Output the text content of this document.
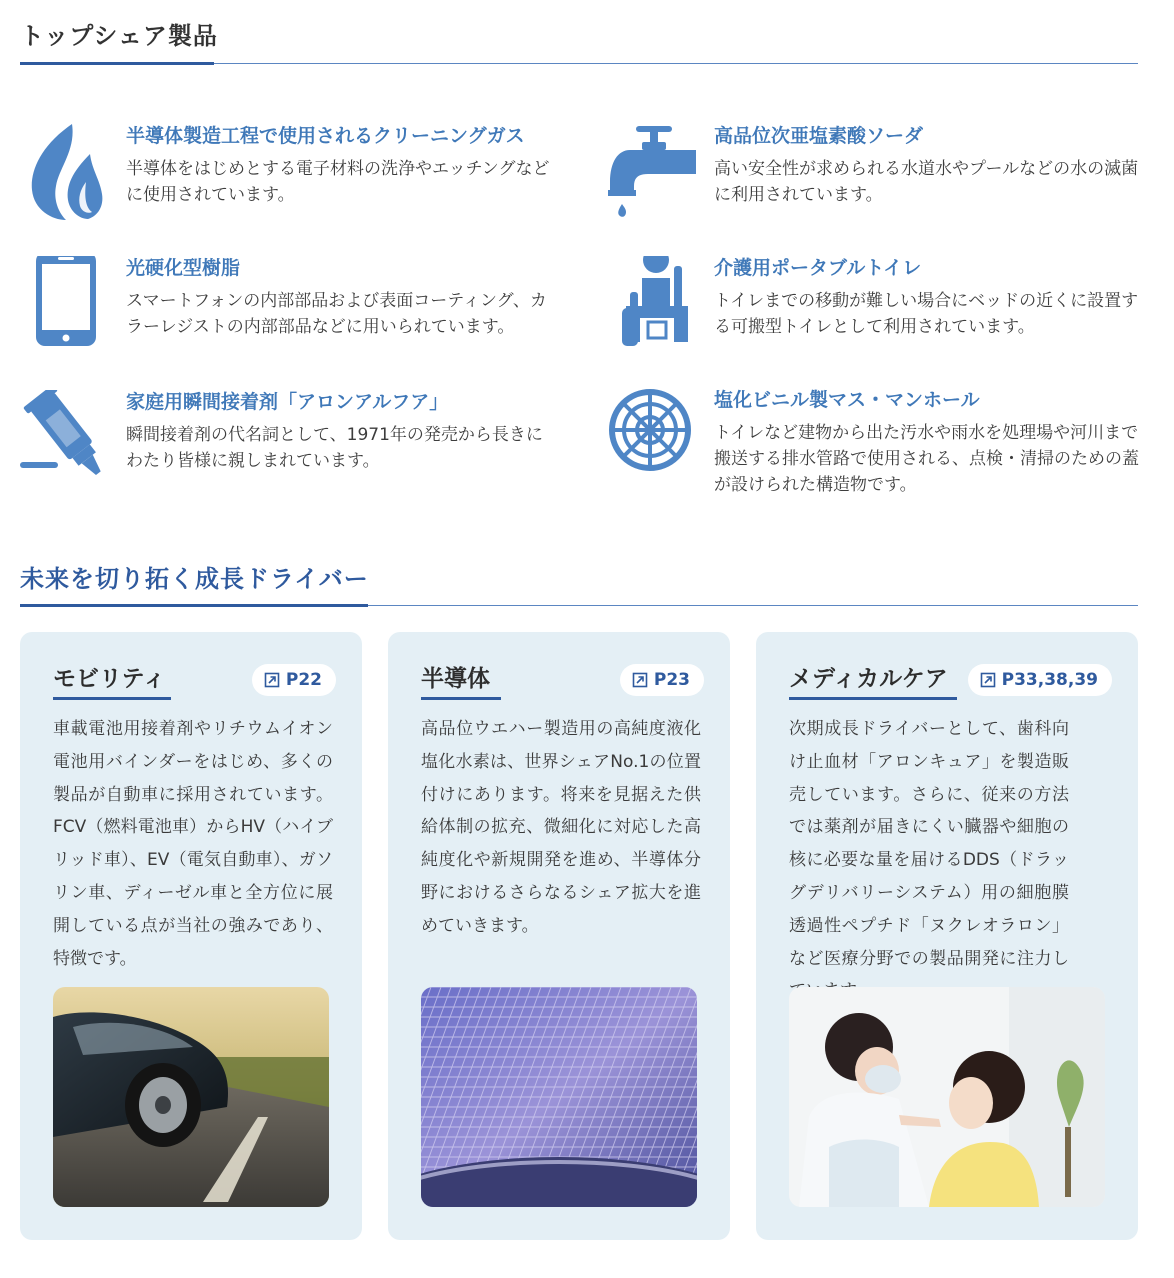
トップシェア製品
半導体製造工程で使用されるクリーニングガス
半導体をはじめとする電子材料の洗浄やエッチングなどに使用されています。
高品位次亜塩素酸ソーダ
高い安全性が求められる水道水やプールなどの水の滅菌に利用されています。
光硬化型樹脂
スマートフォンの内部部品および表面コーティング、カラーレジストの内部部品などに用いられています。
介護用ポータブルトイレ
トイレまでの移動が難しい場合にベッドの近くに設置する可搬型トイレとして利用されています。
家庭用瞬間接着剤「アロンアルフア」
瞬間接着剤の代名詞として、1971年の発売から長きにわたり皆様に親しまれています。
塩化ビニル製マス・マンホール
トイレなど建物から出た汚水や雨水を処理場や河川まで搬送する排水管路で使用される、点検・清掃のための蓋が設けられた構造物です。
未来を切り拓く成長ドライバー
モビリティ	P22
車載電池用接着剤やリチウムイオン電池用バインダーをはじめ、多くの製品が自動車に採用されています。FCV（燃料電池車）からHV（ハイブリッド車）、EV（電気自動車）、ガソリン車、ディーゼル車と全方位に展開している点が当社の強みであり、特徴です。
半導体	P23
高品位ウエハー製造用の高純度液化塩化水素は、世界シェアNo.1の位置付けにあります。将来を見据えた供給体制の拡充、微細化に対応した高純度化や新規開発を進め、半導体分野におけるさらなるシェア拡大を進めていきます。
メディカルケア	P33,38,39
次期成長ドライバーとして、歯科向け止血材「アロンキュア」を製造販売しています。さらに、従来の方法では薬剤が届きにくい臓器や細胞の核に必要な量を届けるDDS（ドラッグデリバリーシステム）用の細胞膜透過性ペプチド「ヌクレオラロン」など医療分野での製品開発に注力し
